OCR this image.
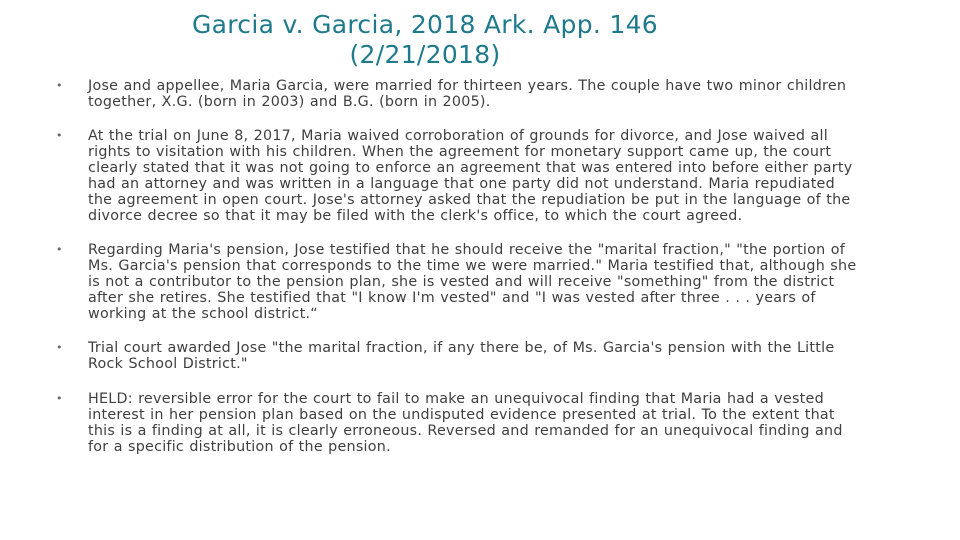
Garcia v. Garcia, 2018 Ark. App. 146
(2/21/2018)
•	Jose and appellee, Maria Garcia, were married for thirteen years. The couple have two minor children together, X.G. (born in 2003) and B.G. (born in 2005).
•	At the trial on June 8, 2017, Maria waived corroboration of grounds for divorce, and Jose waived all rights to visitation with his children. When the agreement for monetary support came up, the court clearly stated that it was not going to enforce an agreement that was entered into before either party had an attorney and was written in a language that one party did not understand. Maria repudiated the agreement in open court. Jose's attorney asked that the repudiation be put in the language of the divorce decree so that it may be filed with the clerk's office, to which the court agreed.
•	Regarding Maria's pension, Jose testified that he should receive the "marital fraction," "the portion of Ms. Garcia's pension that corresponds to the time we were married." Maria testified that, although she is not a contributor to the pension plan, she is vested and will receive "something" from the district after she retires. She testified that "I know I'm vested" and "I was vested after three . . . years of working at the school district.“
•	Trial court awarded Jose "the marital fraction, if any there be, of Ms. Garcia's pension with the Little Rock School District."
•	HELD: reversible error for the court to fail to make an unequivocal finding that Maria had a vested interest in her pension plan based on the undisputed evidence presented at trial. To the extent that this is a finding at all, it is clearly erroneous. Reversed and remanded for an unequivocal finding and for a specific distribution of the pension.
